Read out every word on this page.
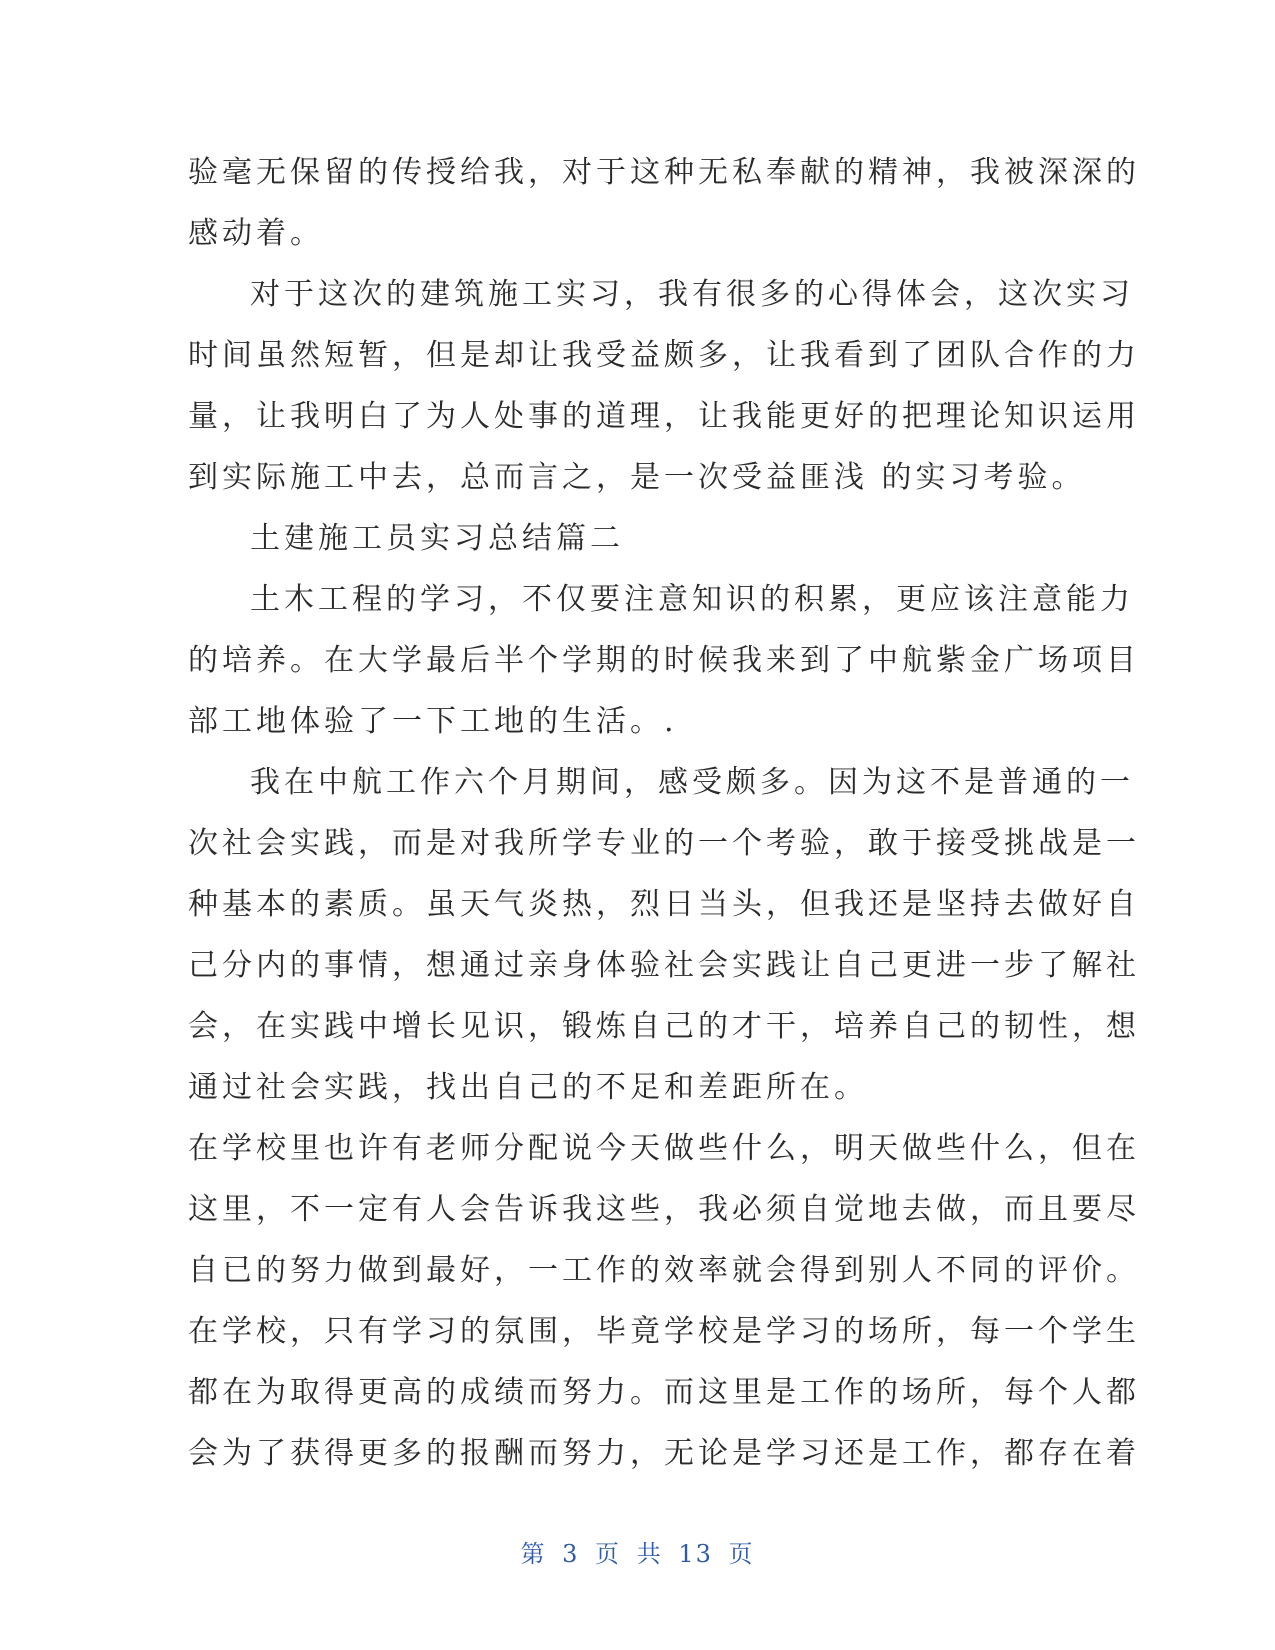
验毫无保留的传授给我，对于这种无私奉献的精神，我被深深的
感动着。
对于这次的建筑施工实习，我有很多的心得体会，这次实习
时间虽然短暂，但是却让我受益颇多，让我看到了团队合作的力
量，让我明白了为人处事的道理，让我能更好的把理论知识运用
到实际施工中去，总而言之，是一次受益匪浅 的实习考验。
土建施工员实习总结篇二
土木工程的学习，不仅要注意知识的积累，更应该注意能力
的培养。在大学最后半个学期的时候我来到了中航紫金广场项目
部工地体验了一下工地的生活。.
我在中航工作六个月期间，感受颇多。因为这不是普通的一
次社会实践，而是对我所学专业的一个考验，敢于接受挑战是一
种基本的素质。虽天气炎热，烈日当头，但我还是坚持去做好自
己分内的事情，想通过亲身体验社会实践让自己更进一步了解社
会，在实践中增长见识，锻炼自己的才干，培养自己的韧性，想
通过社会实践，找出自己的不足和差距所在。
在学校里也许有老师分配说今天做些什么，明天做些什么，但在
这里，不一定有人会告诉我这些，我必须自觉地去做，而且要尽
自已的努力做到最好，一工作的效率就会得到别人不同的评价。
在学校，只有学习的氛围，毕竟学校是学习的场所，每一个学生
都在为取得更高的成绩而努力。而这里是工作的场所，每个人都
会为了获得更多的报酬而努力，无论是学习还是工作，都存在着
第 3 页 共 13 页
